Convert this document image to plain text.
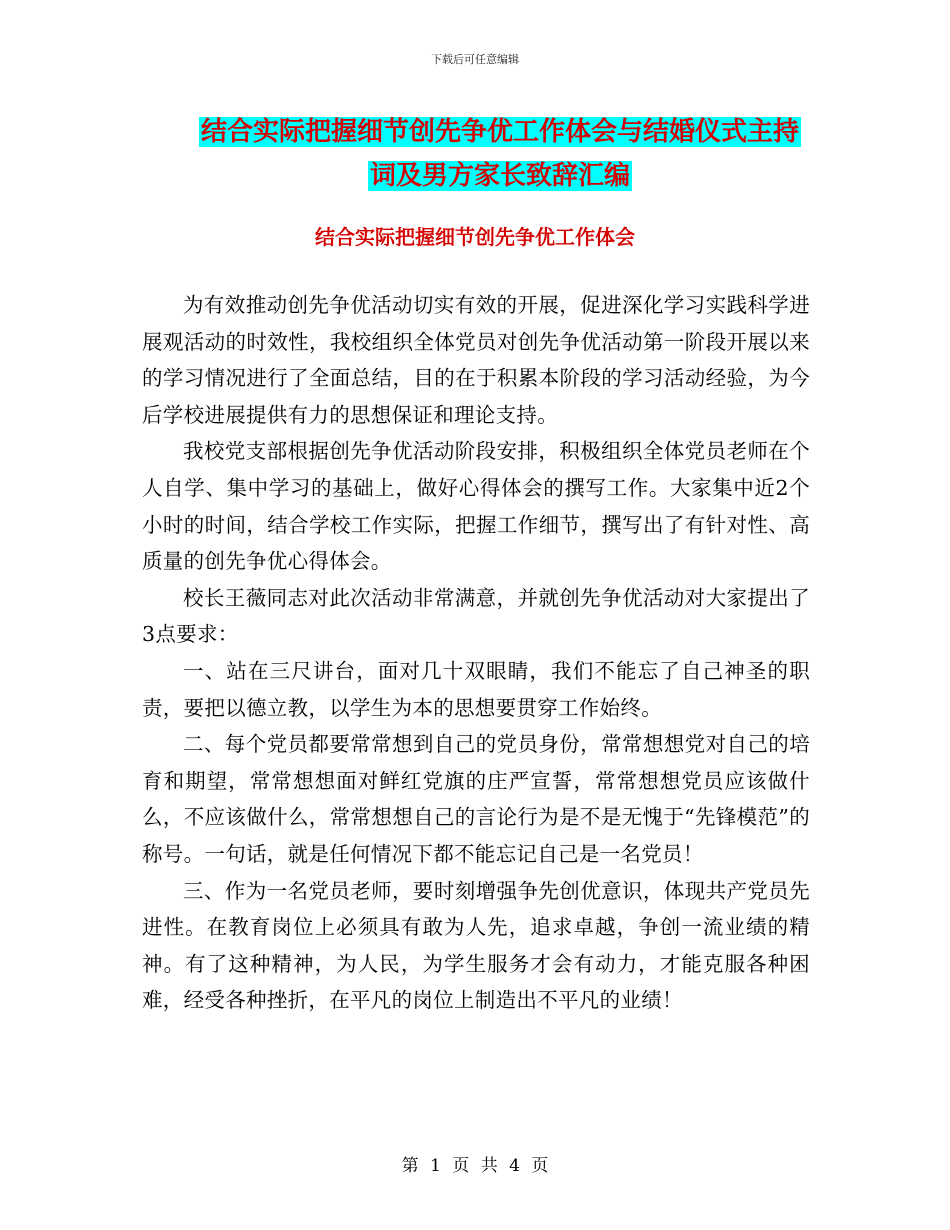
下载后可任意编辑
结合实际把握细节创先争优工作体会与结婚仪式主持
词及男方家长致辞汇编
结合实际把握细节创先争优工作体会

为有效推动创先争优活动切实有效的开展，促进深化学习实践科学进展观活动的时效性，我校组织全体党员对创先争优活动第一阶段开展以来的学习情况进行了全面总结，目的在于积累本阶段的学习活动经验，为今后学校进展提供有力的思想保证和理论支持。

我校党支部根据创先争优活动阶段安排，积极组织全体党员老师在个人自学、集中学习的基础上，做好心得体会的撰写工作。大家集中近2个小时的时间，结合学校工作实际，把握工作细节，撰写出了有针对性、高质量的创先争优心得体会。

校长王薇同志对此次活动非常满意，并就创先争优活动对大家提出了3点要求：

一、站在三尺讲台，面对几十双眼睛，我们不能忘了自己神圣的职责，要把以德立教，以学生为本的思想要贯穿工作始终。

二、每个党员都要常常想到自己的党员身份，常常想想党对自己的培育和期望，常常想想面对鲜红党旗的庄严宣誓，常常想想党员应该做什么，不应该做什么，常常想想自己的言论行为是不是无愧于“先锋模范”的称号。一句话，就是任何情况下都不能忘记自己是一名党员！

三、作为一名党员老师，要时刻增强争先创优意识，体现共产党员先进性。在教育岗位上必须具有敢为人先，追求卓越，争创一流业绩的精神。有了这种精神，为人民，为学生服务才会有动力，才能克服各种困难，经受各种挫折，在平凡的岗位上制造出不平凡的业绩！

第 1 页 共 4 页
